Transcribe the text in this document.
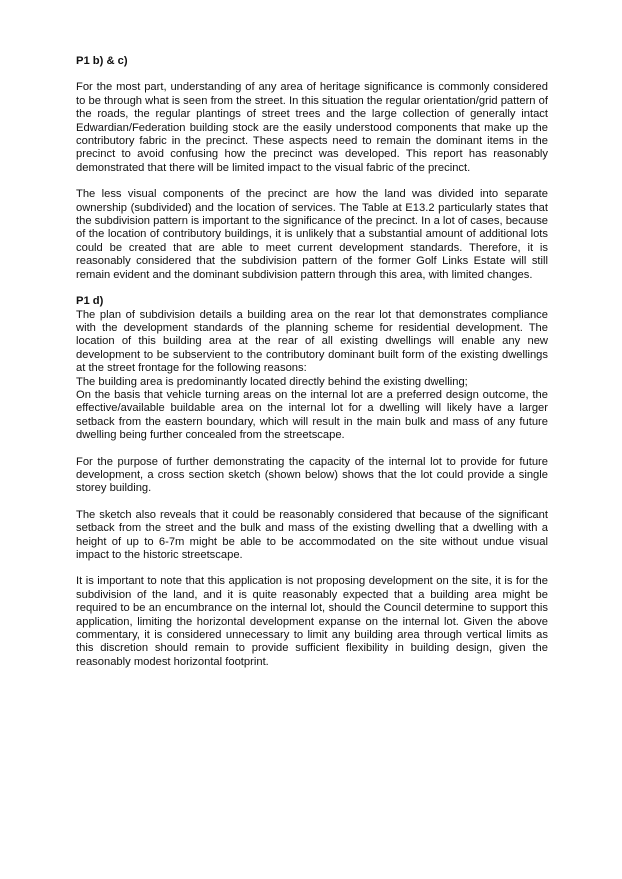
P1 b) & c)

For the most part, understanding of any area of heritage significance is commonly considered to be through what is seen from the street. In this situation the regular orientation/grid pattern of the roads, the regular plantings of street trees and the large collection of generally intact Edwardian/Federation building stock are the easily understood components that make up the contributory fabric in the precinct. These aspects need to remain the dominant items in the precinct to avoid confusing how the precinct was developed. This report has reasonably demonstrated that there will be limited impact to the visual fabric of the precinct.

The less visual components of the precinct are how the land was divided into separate ownership (subdivided) and the location of services. The Table at E13.2 particularly states that the subdivision pattern is important to the significance of the precinct. In a lot of cases, because of the location of contributory buildings, it is unlikely that a substantial amount of additional lots could be created that are able to meet current development standards. Therefore, it is reasonably considered that the subdivision pattern of the former Golf Links Estate will still remain evident and the dominant subdivision pattern through this area, with limited changes.

P1 d)

The plan of subdivision details a building area on the rear lot that demonstrates compliance with the development standards of the planning scheme for residential development. The location of this building area at the rear of all existing dwellings will enable any new development to be subservient to the contributory dominant built form of the existing dwellings at the street frontage for the following reasons:

The building area is predominantly located directly behind the existing dwelling;

On the basis that vehicle turning areas on the internal lot are a preferred design outcome, the effective/available buildable area on the internal lot for a dwelling will likely have a larger setback from the eastern boundary, which will result in the main bulk and mass of any future dwelling being further concealed from the streetscape.

For the purpose of further demonstrating the capacity of the internal lot to provide for future development, a cross section sketch (shown below) shows that the lot could provide a single storey building.

The sketch also reveals that it could be reasonably considered that because of the significant setback from the street and the bulk and mass of the existing dwelling that a dwelling with a height of up to 6-7m might be able to be accommodated on the site without undue visual impact to the historic streetscape.

It is important to note that this application is not proposing development on the site, it is for the subdivision of the land, and it is quite reasonably expected that a building area might be required to be an encumbrance on the internal lot, should the Council determine to support this application, limiting the horizontal development expanse on the internal lot. Given the above commentary, it is considered unnecessary to limit any building area through vertical limits as this discretion should remain to provide sufficient flexibility in building design, given the reasonably modest horizontal footprint.
